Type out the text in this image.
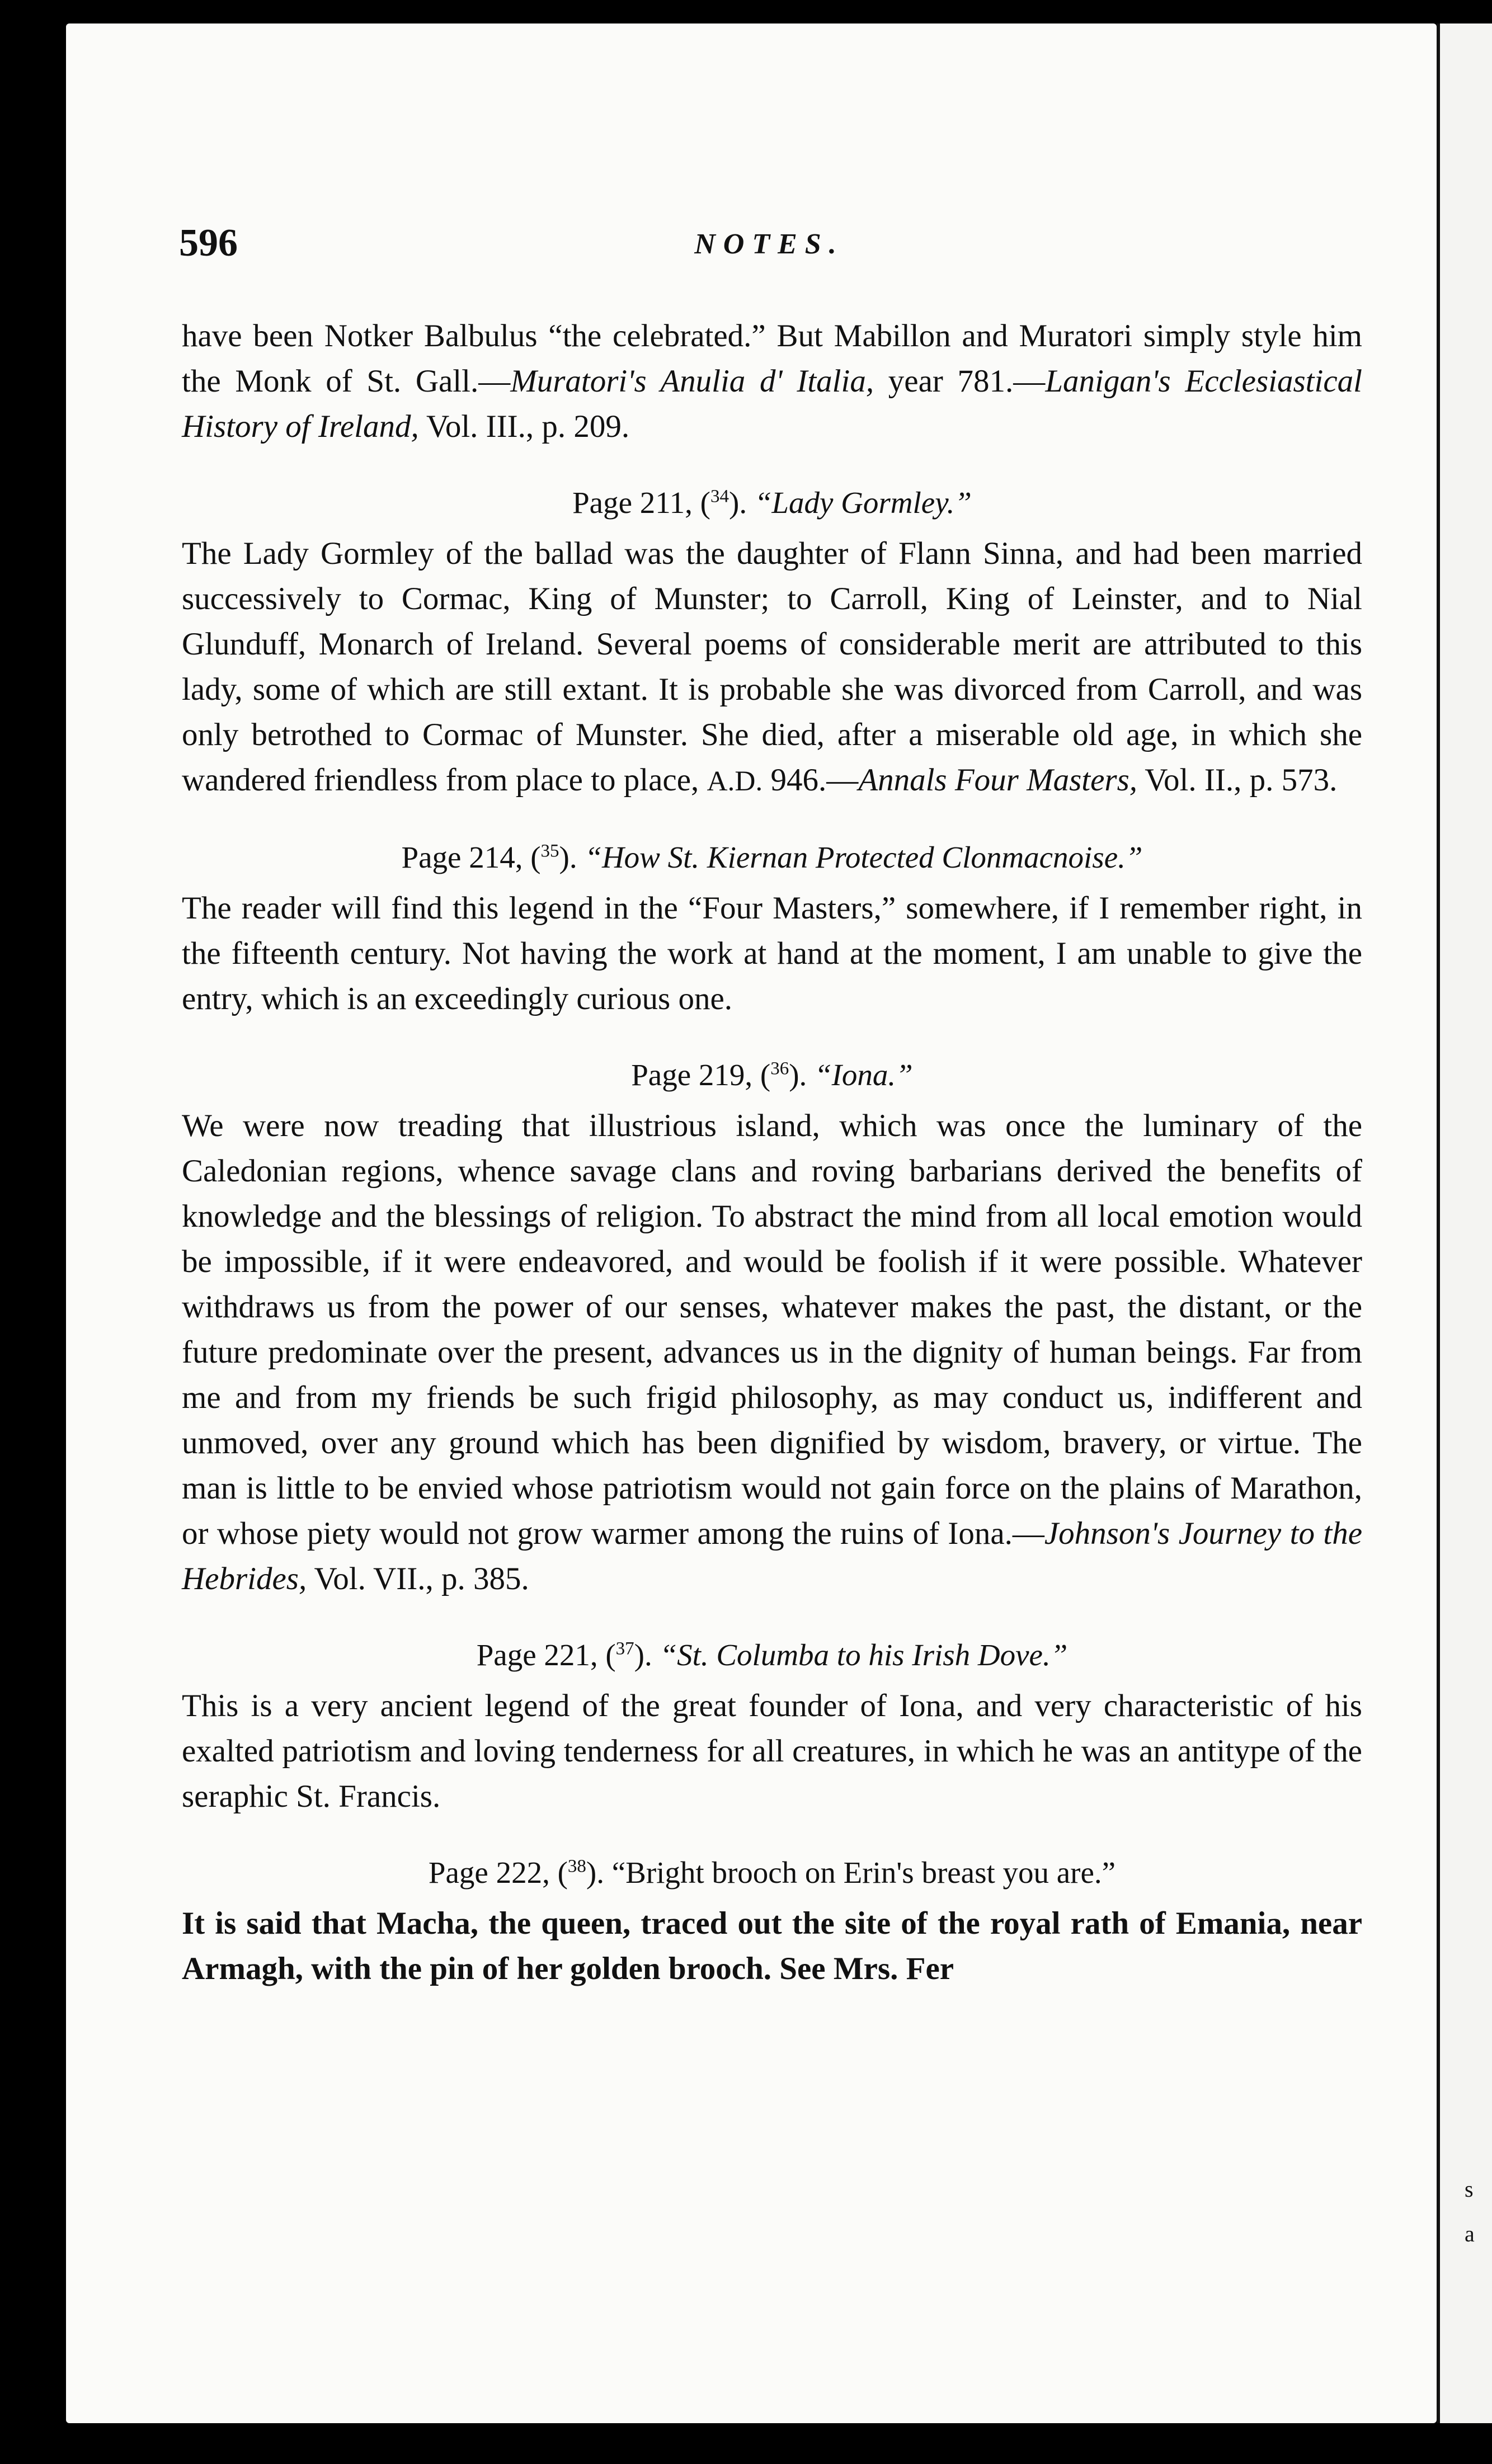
s
a
596	NOTES.

have been Notker Balbulus “the celebrated.” But Mabillon and Muratori simply style him the Monk of St. Gall.—Muratori's Anulia d' Italia, year 781.—Lanigan's Ecclesiastical History of Ireland, Vol. III., p. 209.

Page 211, ($^{34}$). “Lady Gormley.”

The Lady Gormley of the ballad was the daughter of Flann Sinna, and had been married successively to Cormac, King of Munster; to Carroll, King of Leinster, and to Nial Glunduff, Monarch of Ireland. Several poems of considerable merit are attributed to this lady, some of which are still extant. It is probable she was divorced from Carroll, and was only betrothed to Cormac of Munster. She died, after a miserable old age, in which she wandered friendless from place to place, A.D. 946.—Annals Four Masters, Vol. II., p. 573.

Page 214, ($^{35}$). “How St. Kiernan Protected Clonmacnoise.”

The reader will find this legend in the “Four Masters,” somewhere, if I remember right, in the fifteenth century. Not having the work at hand at the moment, I am unable to give the entry, which is an exceedingly curious one.

Page 219, ($^{36}$). “Iona.”

We were now treading that illustrious island, which was once the luminary of the Caledonian regions, whence savage clans and roving barbarians derived the benefits of knowledge and the blessings of religion. To abstract the mind from all local emotion would be impossible, if it were endeavored, and would be foolish if it were possible. Whatever withdraws us from the power of our senses, whatever makes the past, the distant, or the future predominate over the present, advances us in the dignity of human beings. Far from me and from my friends be such frigid philosophy, as may conduct us, indifferent and unmoved, over any ground which has been dignified by wisdom, bravery, or virtue. The man is little to be envied whose patriotism would not gain force on the plains of Marathon, or whose piety would not grow warmer among the ruins of Iona.—Johnson's Journey to the Hebrides, Vol. VII., p. 385.

Page 221, ($^{37}$). “St. Columba to his Irish Dove.”

This is a very ancient legend of the great founder of Iona, and very characteristic of his exalted patriotism and loving tenderness for all creatures, in which he was an antitype of the seraphic St. Francis.

Page 222, ($^{38}$). “Bright brooch on Erin's breast you are.”

It is said that Macha, the queen, traced out the site of the royal rath of Emania, near Armagh, with the pin of her golden brooch. See Mrs. Fer
